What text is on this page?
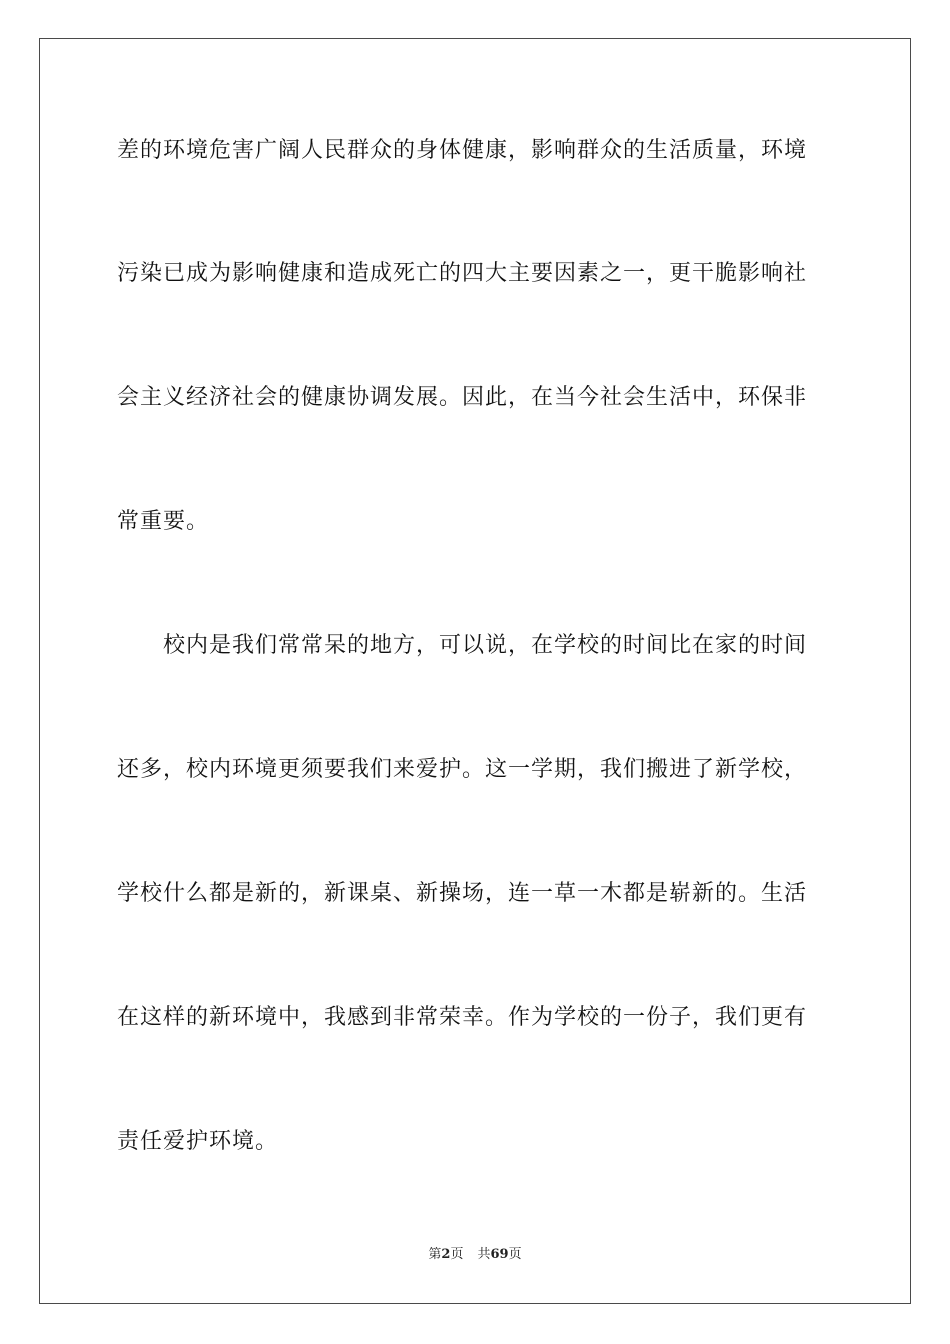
差的环境危害广阔人民群众的身体健康，影响群众的生活质量，环境
污染已成为影响健康和造成死亡的四大主要因素之一，更干脆影响社
会主义经济社会的健康协调发展。因此，在当今社会生活中，环保非
常重要。
校内是我们常常呆的地方，可以说，在学校的时间比在家的时间
还多，校内环境更须要我们来爱护。这一学期，我们搬进了新学校，
学校什么都是新的，新课桌、新操场，连一草一木都是崭新的。生活
在这样的新环境中，我感到非常荣幸。作为学校的一份子，我们更有
责任爱护环境。
第2页 共69页
